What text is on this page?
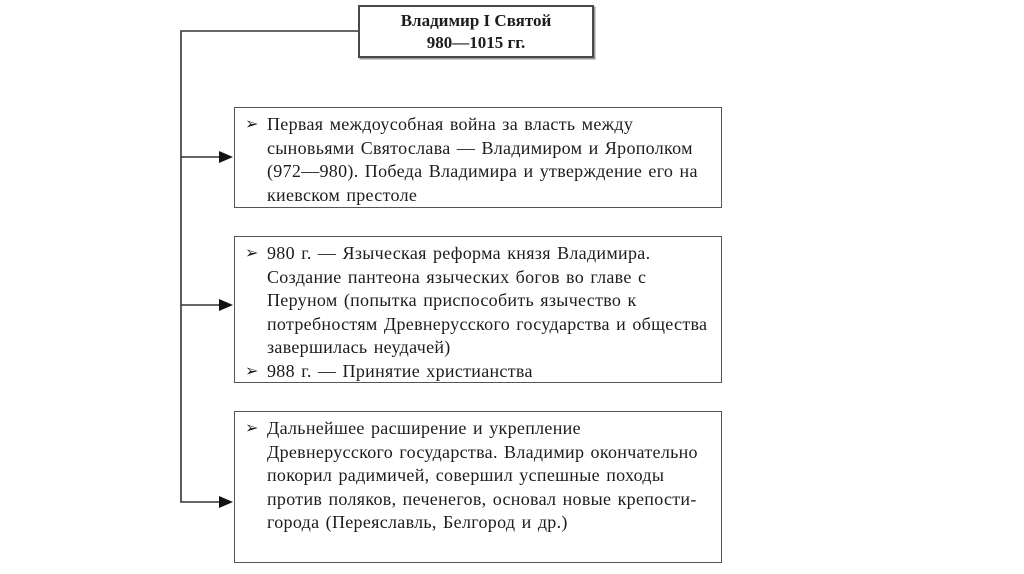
Владимир I Святой
980—1015 гг.
➢ Первая междоусобная война за власть между сыновьями Святослава — Владимиром и Ярополком (972—980). Победа Владимира и утверждение его на киевском престоле
➢ 980 г. — Языческая реформа князя Владимира. Создание пантеона языческих богов во главе с Перуном (попытка приспособить язычество к потребностям Древнерусского государства и общества завершилась неудачей)
➢ 988 г. — Принятие христианства
➢ Дальнейшее расширение и укрепление Древнерусского государства. Владимир окончательно покорил радимичей, совершил успешные походы против поляков, печенегов, основал новые крепости-города (Переяславль, Белгород и др.)
